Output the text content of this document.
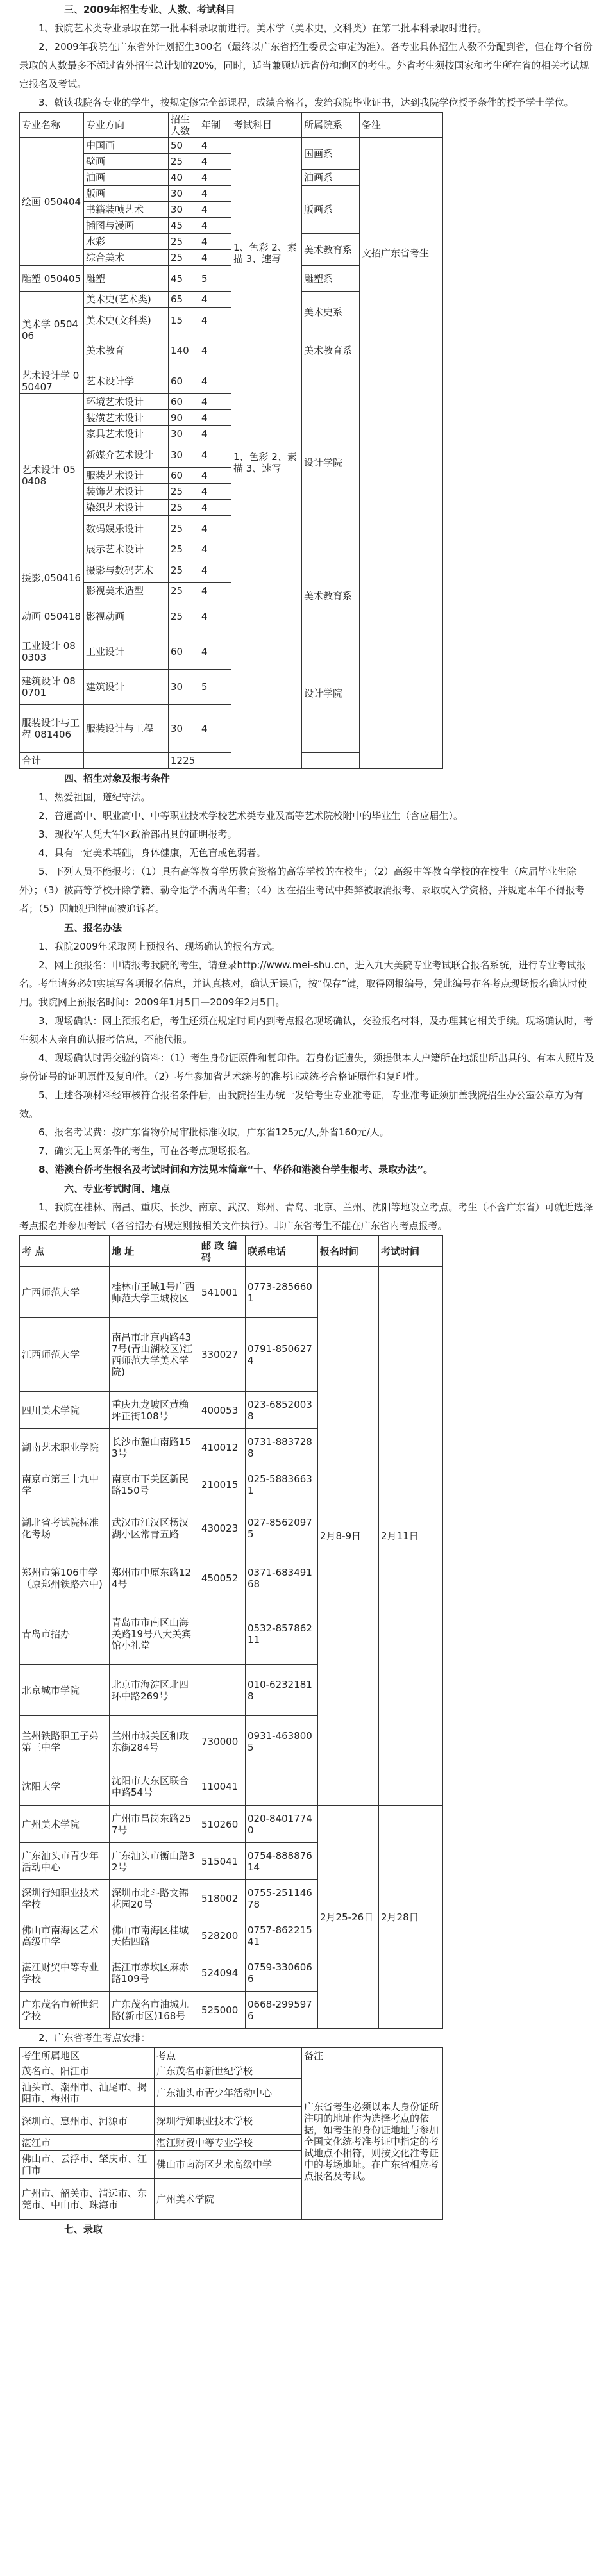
三、2009年招生专业、人数、考试科目

1、我院艺术类专业录取在第一批本科录取前进行。美术学（美术史，文科类）在第二批本科录取时进行。

2、2009年我院在广东省外计划招生300名（最终以广东省招生委员会审定为准）。各专业具体招生人数不分配到省，但在每个省份录取的人数最多不超过省外招生总计划的20%，同时，适当兼顾边远省份和地区的考生。外省考生须按国家和考生所在省的相关考试规定报名及考试。

3、就读我院各专业的学生，按规定修完全部课程，成绩合格者，发给我院毕业证书，达到我院学位授予条件的授予学士学位。

专业名称	专业方向	招生人数	年制	考试科目	所属院系	备注	
绘画 050404	中国画	50	4	1、色彩 2、素描 3、速写	国画系	文招广东省考生	
	壁画	25	4				
	油画	40	4		油画系		
	版画	30	4		版画系		
	书籍装帧艺术	30	4				
	插图与漫画	45	4				
	水彩	25	4		美术教育系		
	综合美术	25	4				
雕塑 050405	雕塑	45	5		雕塑系		
美术学 050406	美术史(艺术类)	65	4		美术史系		
	美术史(文科类)	15	4				
	美术教育	140	4		美术教育系		
艺术设计学 050407	艺术设计学	60	4	1、色彩 2、素描 3、速写	设计学院		
艺术设计 050408	环境艺术设计	60	4				
	装潢艺术设计	90	4				
	家具艺术设计	30	4				
	新媒介艺术设计	30	4				
	服装艺术设计	60	4				
	装饰艺术设计	25	4				
	染织艺术设计	25	4				
	数码娱乐设计	25	4				
	展示艺术设计	25	4				
摄影,050416	摄影与数码艺术	25	4		美术教育系		
	影视美术造型	25	4				
动画 050418	影视动画	25	4				
工业设计 080303	工业设计	60	4		设计学院		
建筑设计 080701	建筑设计	30	5				
服装设计与工程 081406	服装设计与工程	30	4				
合计		1225					

四、招生对象及报考条件

1、热爱祖国，遵纪守法。

2、普通高中、职业高中、中等职业技术学校艺术类专业及高等艺术院校附中的毕业生（含应届生）。

3、现役军人凭大军区政治部出具的证明报考。

4、具有一定美术基础，身体健康，无色盲或色弱者。

5、下列人员不能报考：（1）具有高等教育学历教育资格的高等学校的在校生；（2）高级中等教育学校的在校生（应届毕业生除外）；（3）被高等学校开除学籍、勒令退学不满两年者；（4）因在招生考试中舞弊被取消报考、录取或入学资格，并规定本年不得报考者；（5）因触犯刑律而被追诉者。

五、报名办法

1、我院2009年采取网上预报名、现场确认的报名方式。

2、网上预报名：申请报考我院的考生，请登录http://www.mei-shu.cn，进入九大美院专业考试联合报名系统，进行专业考试报名。考生请务必如实填写各项报名信息，并认真核对，确认无误后，按“保存”键，取得网报编号，凭此编号在各考点现场报名确认时使用。我院网上预报名时间：2009年1月5日—2009年2月5日。

3、现场确认：网上预报名后，考生还须在规定时间内到考点报名现场确认，交验报名材料，及办理其它相关手续。现场确认时，考生须本人亲自确认报考信息，不能代报。

4、现场确认时需交验的资料：（1）考生身份证原件和复印件。若身份证遗失，须提供本人户籍所在地派出所出具的、有本人照片及身份证号的证明原件及复印件。（2）考生参加省艺术统考的准考证或统考合格证原件和复印件。

5、上述各项材料经审核符合报名条件后，由我院招生办统一发给考生专业准考证，专业准考证须加盖我院招生办公室公章方为有效。

6、报名考试费：按广东省物价局审批标准收取，广东省125元/人,外省160元/人。

7、确实无上网条件的考生，可在各考点现场报名。

8、港澳台侨考生报名及考试时间和方法见本简章“十、华侨和港澳台学生报考、录取办法”。

六、专业考试时间、地点

1、我院在桂林、南昌、重庆、长沙、南京、武汉、郑州、青岛、北京、兰州、沈阳等地设立考点。考生（不含广东省）可就近选择考点报名并参加考试（各省招办有规定则按相关文件执行）。非广东省考生不能在广东省内考点报考。

考 点	地 址	邮 政 编码	联系电话	报名时间	考试时间
广西师范大学	桂林市王城1号广西师范大学王城校区	541001	0773-2856601	2月8-9日	2月11日
江西师范大学	南昌市北京西路437号(青山湖校区)江西师范大学美术学院)	330027	0791-8506274		
四川美术学院	重庆九龙坡区黄桷坪正街108号	400053	023-68520038		
湖南艺术职业学院	长沙市麓山南路153号	410012	0731-8837288		
南京市第三十九中学	南京市下关区新民路150号	210015	025-58836631		
湖北省考试院标准化考场	武汉市江汉区杨汉湖小区常青五路	430023	027-85620975		
郑州市第106中学（原郑州铁路六中)	郑州市中原东路124号	450052	0371-68349168		
青岛市招办	青岛市市南区山海关路19号八大关宾馆小礼堂		0532-85786211		
北京城市学院	北京市海淀区北四环中路269号		010-62321818		
兰州铁路职工子弟第三中学	兰州市城关区和政东街284号	730000	0931-4638005		
沈阳大学	沈阳市大东区联合中路54号	110041			
广州美术学院	广州市昌岗东路257号	510260	020-84017740	2月25-26日	2月28日
广东汕头市青少年活动中心	广东汕头市衡山路32号	515041	0754-88887614		
深圳行知职业技术学校	深圳市北斗路文锦花园20号	518002	0755-25114678		
佛山市南海区艺术高级中学	佛山市南海区桂城天佑四路	528200	0757-86221541		
湛江财贸中等专业学校	湛江市赤坎区麻赤路109号	524094	0759-3306066		
广东茂名市新世纪学校	广东茂名市油城九路(新市区)168号	525000	0668-2995976		

2、广东省考生考点安排：

考生所属地区	考点	备注
茂名市、阳江市	广东茂名市新世纪学校	广东省考生必须以本人身份证所注明的地址作为选择考点的依据，如考生的身份证地址与参加全国文化统考准考证中指定的考试地点不相符，则按文化准考证中的考场地址。在广东省相应考点报名及考试。
汕头市、潮州市、汕尾市、揭阳市、梅州市	广东汕头市青少年活动中心	
深圳市、惠州市、河源市	深圳行知职业技术学校	
湛江市	湛江财贸中等专业学校	
佛山市、云浮市、肇庆市、江门市	佛山市南海区艺术高级中学	
广州市、韶关市、清远市、东莞市、中山市、珠海市	广州美术学院	

七、录取
